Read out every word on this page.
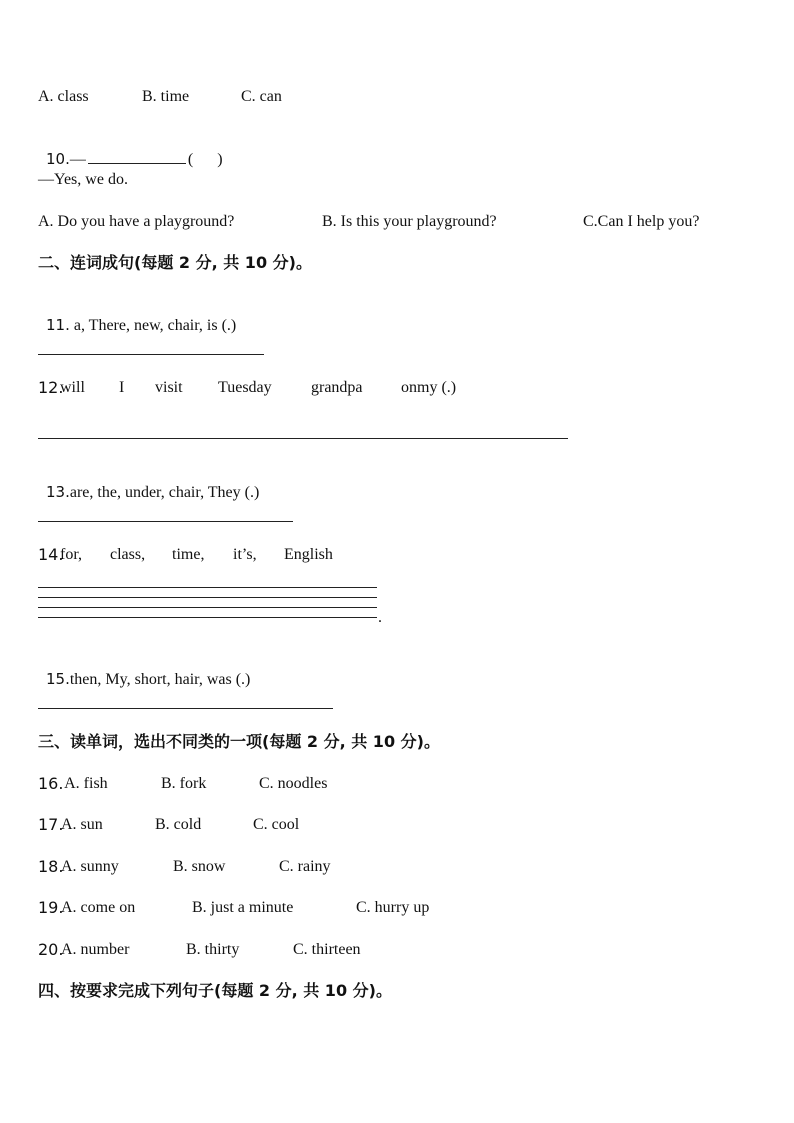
A. class	B. time	C. can

10.—	(      )

—Yes, we do.
A. Do you have a playground?	B. Is this your playground?	C.Can I help you?
二、连词成句(每题 2 分, 共 10 分)。

11. a, There, new, chair, is (.)

12.
will I visit Tuesday grandpa onmy (.)

13.are, the, under, chair, They (.)

14.
for, class, time, it’s, English
.

15.then, My, short, hair, was (.)

三、读单词，选出不同类的一项(每题 2 分, 共 10 分)。
16.
A. fish	B. fork	C. noodles
17.
A. sun	B. cold	C. cool
18.
A. sunny	B. snow	C. rainy
19.
A. come on	B. just a minute	C. hurry up
20.
A. number	B. thirty	C. thirteen
四、按要求完成下列句子(每题 2 分, 共 10 分)。
